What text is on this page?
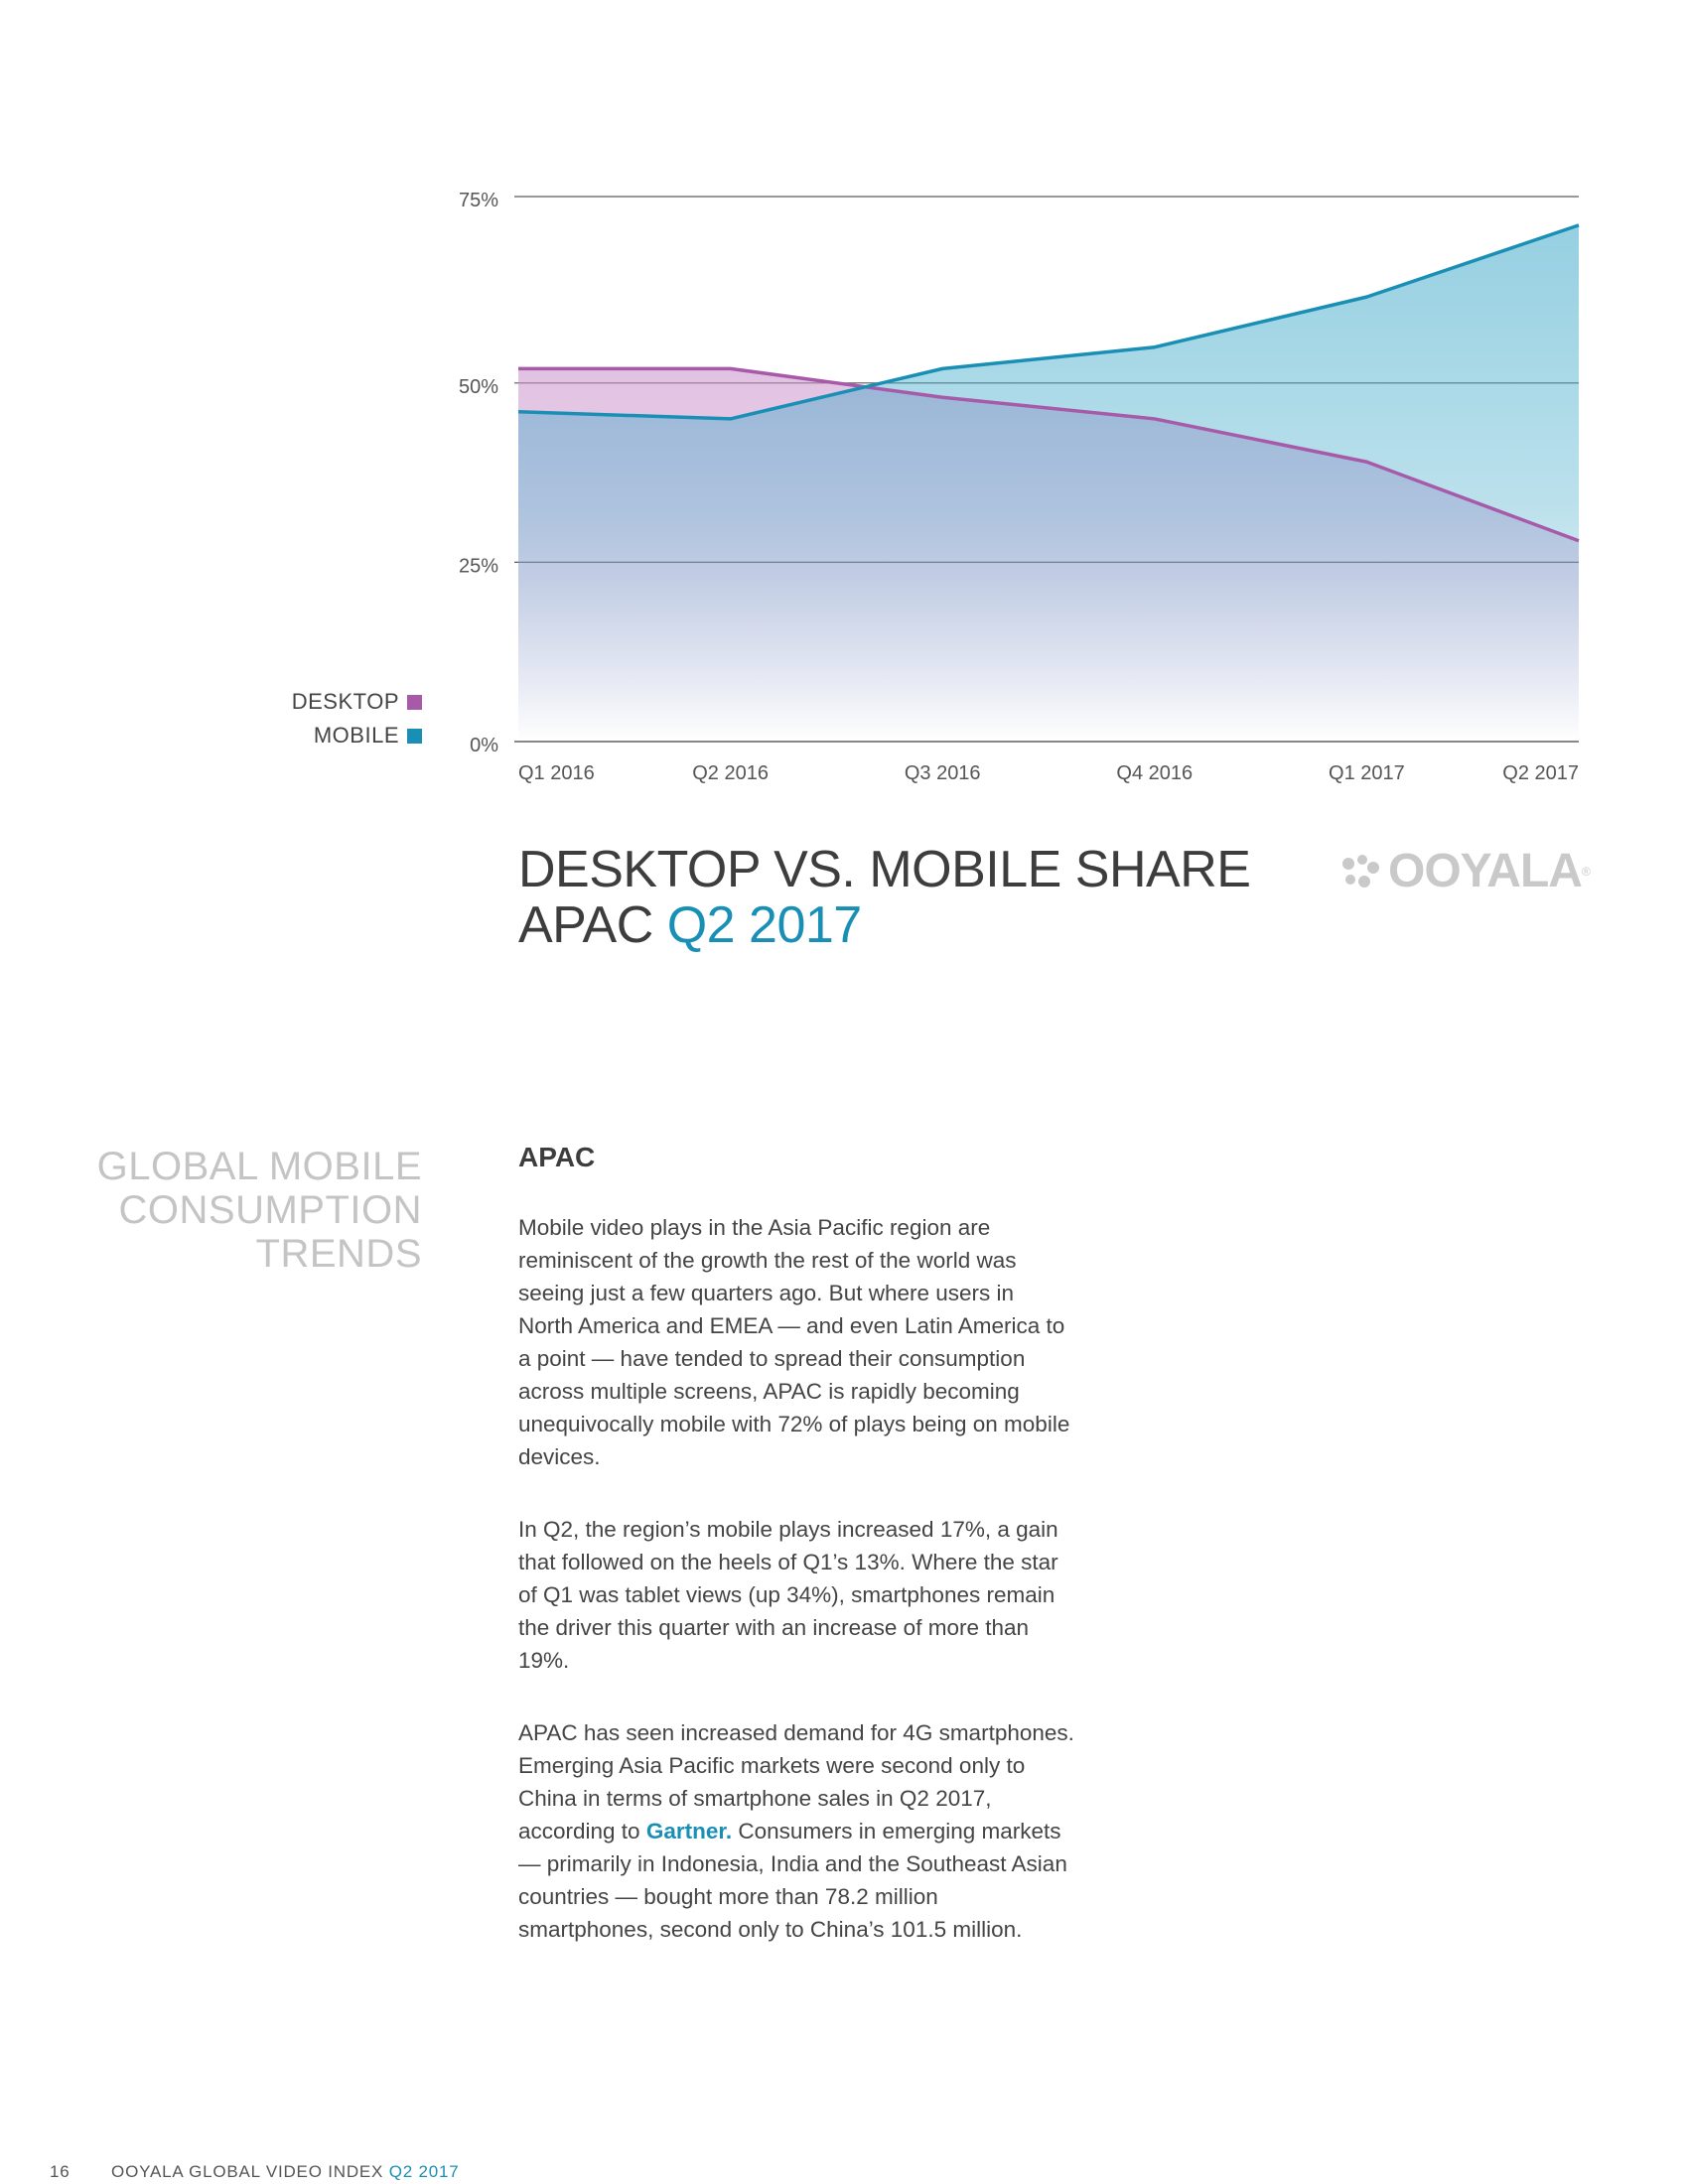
0%
25%
50%
75%
Q1 2016	Q2 2016	Q3 2016	Q4 2016	Q1 2017	Q2 2017
DESKTOP
MOBILE
DESKTOP VS. MOBILE SHARE
APAC Q2 2017
OOYALA ®
GLOBAL MOBILE
CONSUMPTION
TRENDS
APAC

Mobile video plays in the Asia Pacific region are reminiscent of the growth the rest of the world was seeing just a few quarters ago. But where users in North America and EMEA — and even Latin America to a point — have tended to spread their consumption across multiple screens, APAC is rapidly becoming unequivocally mobile with 72% of plays being on mobile devices.

In Q2, the region’s mobile plays increased 17%, a gain that followed on the heels of Q1’s 13%. Where the star of Q1 was tablet views (up 34%), smartphones remain the driver this quarter with an increase of more than 19%.

APAC has seen increased demand for 4G smartphones. Emerging Asia Pacific markets were second only to China in terms of smartphone sales in Q2 2017, according to Gartner. Consumers in emerging markets — primarily in Indonesia, India and the Southeast Asian countries — bought more than 78.2 million smartphones, second only to China’s 101.5 million.

16 OOYALA GLOBAL VIDEO INDEX Q2 2017
